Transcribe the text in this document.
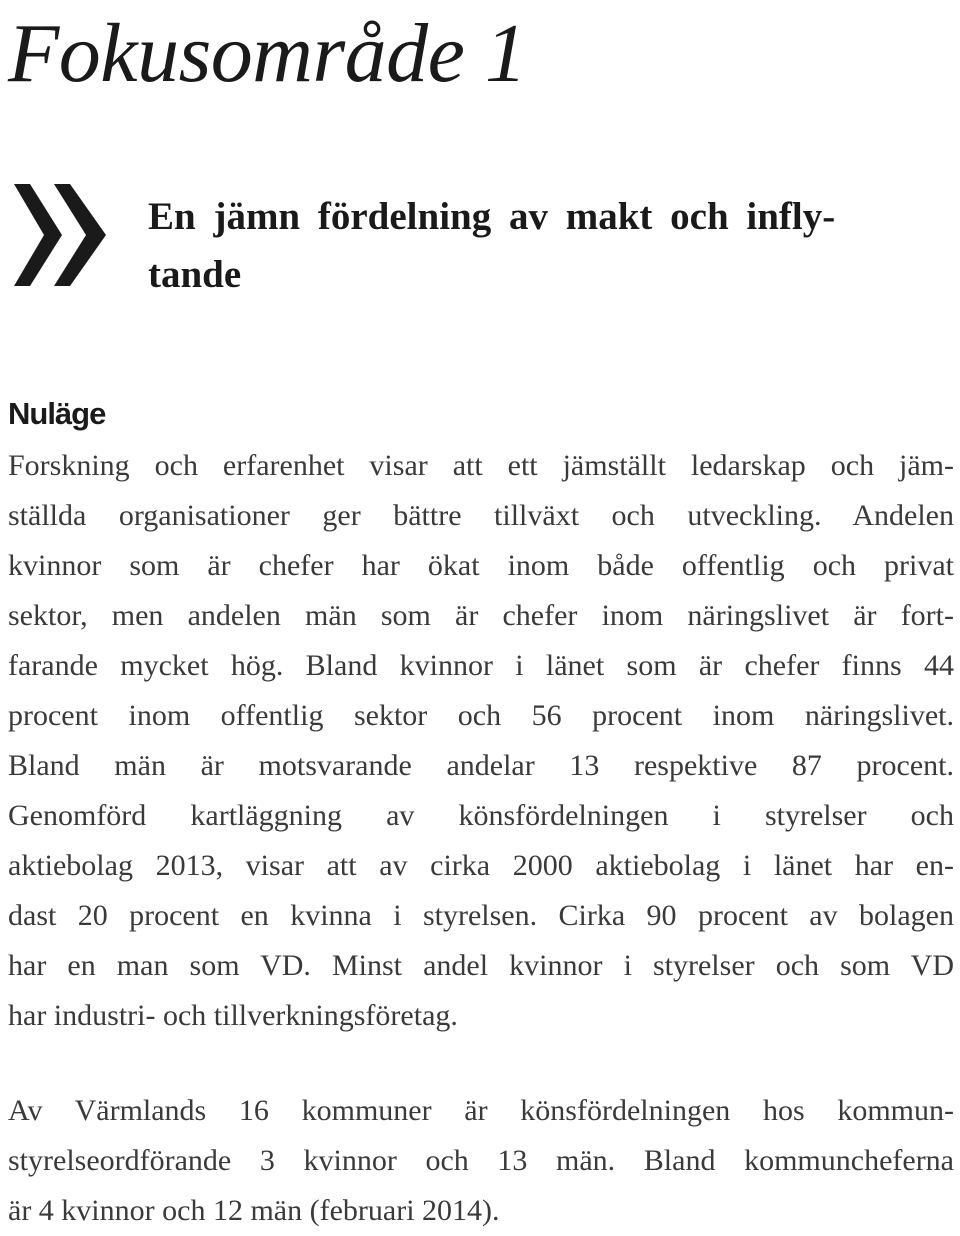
Fokusområde 1
En jämn fördelning av makt och infly-
tande
Nuläge
Forskning och erfarenhet visar att ett jämställt ledarskap och jäm-
ställda organisationer ger bättre tillväxt och utveckling. Andelen
kvinnor som är chefer har ökat inom både offentlig och privat
sektor, men andelen män som är chefer inom näringslivet är fort-
farande mycket hög. Bland kvinnor i länet som är chefer finns 44
procent inom offentlig sektor och 56 procent inom näringslivet.
Bland män är motsvarande andelar 13 respektive 87 procent.
Genomförd kartläggning av könsfördelningen i styrelser och
aktiebolag 2013, visar att av cirka 2000 aktiebolag i länet har en-
dast 20 procent en kvinna i styrelsen. Cirka 90 procent av bolagen
har en man som VD. Minst andel kvinnor i styrelser och som VD
har industri- och tillverkningsföretag.
Av Värmlands 16 kommuner är könsfördelningen hos kommun-
styrelseordförande 3 kvinnor och 13 män. Bland kommuncheferna
är 4 kvinnor och 12 män (februari 2014).
